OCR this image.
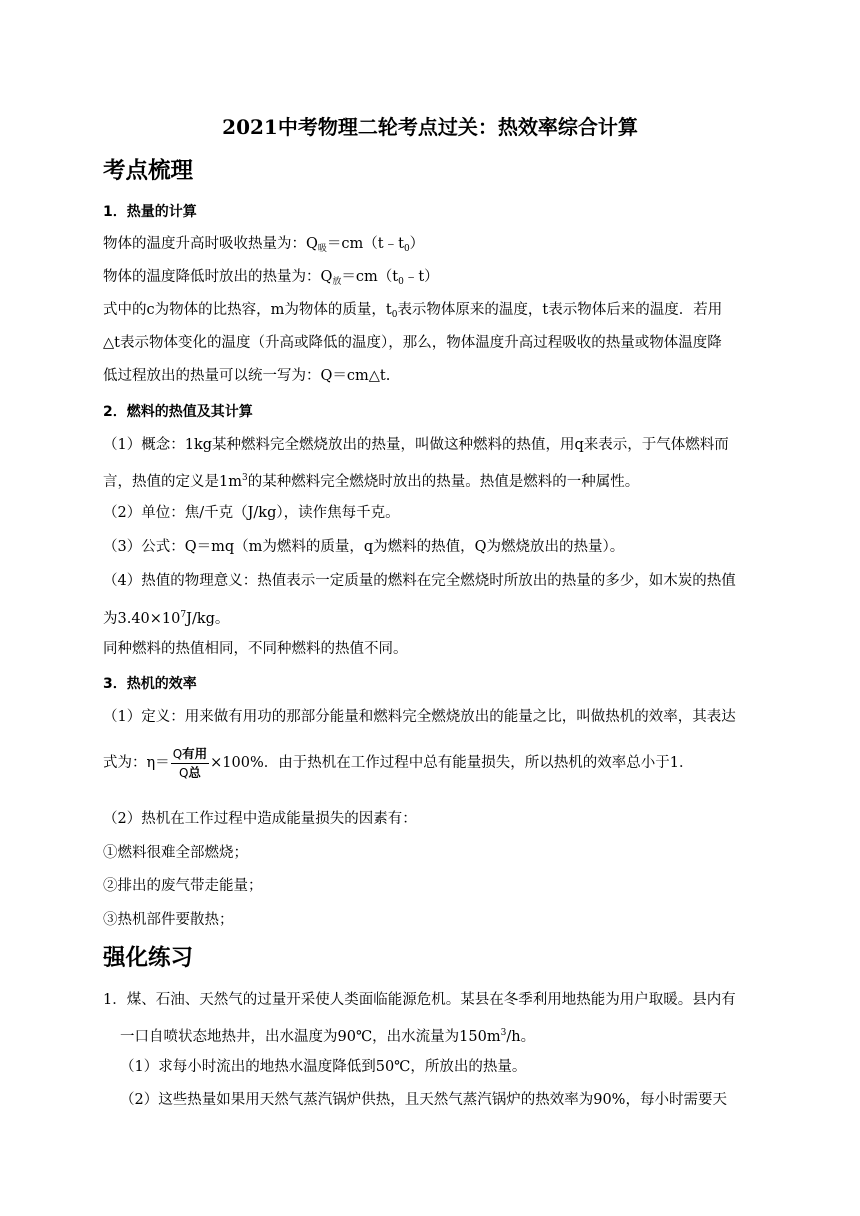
2021中考物理二轮考点过关：热效率综合计算
考点梳理
1．热量的计算
物体的温度升高时吸收热量为：$Q_吸=cm(t﹣t_0)$
物体的温度降低时放出的热量为：$Q_放=cm(t_0﹣t)$
式中的c为物体的比热容，m为物体的质量，$t_0$表示物体原来的温度，t表示物体后来的温度．若用
△t表示物体变化的温度（升高或降低的温度），那么，物体温度升高过程吸收的热量或物体温度降
低过程放出的热量可以统一写为：Q＝cm△t.
2．燃料的热值及其计算
（1）概念：1kg某种燃料完全燃烧放出的热量，叫做这种燃料的热值，用q来表示，于气体燃料而
言，热值的定义是$1m^3$的某种燃料完全燃烧时放出的热量。热值是燃料的一种属性。
（2）单位：焦/千克（J/kg），读作焦每千克。
（3）公式：Q＝mq（m为燃料的质量，q为燃料的热值，Q为燃烧放出的热量）。
（4）热值的物理意义：热值表示一定质量的燃料在完全燃烧时所放出的热量的多少，如木炭的热值
为$3.40\times 10^7J/kg$。
同种燃料的热值相同，不同种燃料的热值不同。
3．热机的效率
（1）定义：用来做有用功的那部分能量和燃料完全燃烧放出的能量之比，叫做热机的效率，其表达
式为：$\eta= \frac{\text{Q有用}}{\text{Q总}} \times 100\%$．由于热机在工作过程中总有能量损失，所以热机的效率总小于1．
（2）热机在工作过程中造成能量损失的因素有：
①燃料很难全部燃烧；
②排出的废气带走能量；
③热机部件要散热；
强化练习
1．煤、石油、天然气的过量开采使人类面临能源危机。某县在冬季利用地热能为用户取暖。县内有
一口自喷状态地热井，出水温度为90℃，出水流量为$150m^3/h$。
（1）求每小时流出的地热水温度降低到50℃，所放出的热量。
（2）这些热量如果用天然气蒸汽锅炉供热，且天然气蒸汽锅炉的热效率为90%，每小时需要天
